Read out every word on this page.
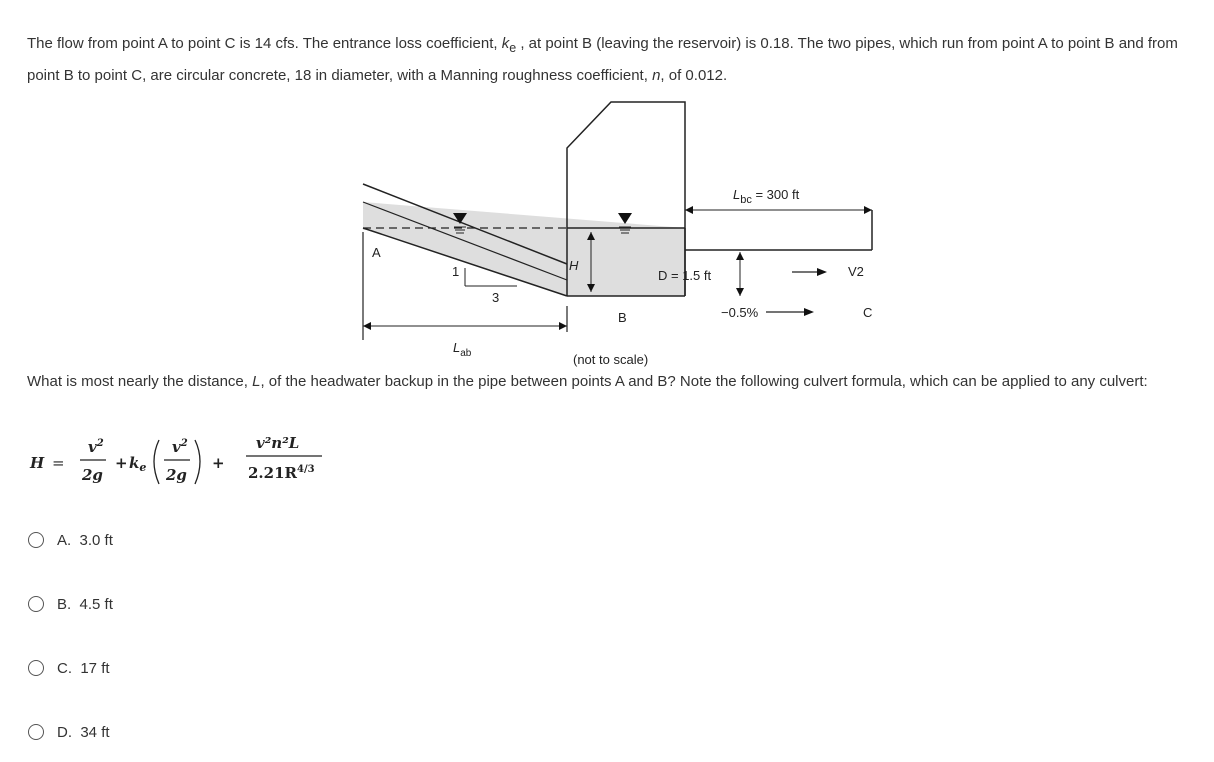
The flow from point A to point C is 14 cfs. The entrance loss coefficient, $k_e$ , at point B (leaving the reservoir) is 0.18. The two pipes, which run from point A to point B and from point B to point C, are circular concrete, 18 in diameter, with a Manning roughness coefficient, n, of 0.012.

A
1
3
H
B
$L_{bc} = 300$ ft
D = 1.5 ft	V2
−0.5%	C
$L_{ab}$	(not to scale)

What is most nearly the distance, L, of the headwater backup in the pipe between points A and B? Note the following culvert formula, which can be applied to any culvert:

H =
$v^2$
2g
+ $k_e$
$v^2$
2g
+
v²n²L
$2.21R^{4/3}$
A. 3.0 ft
B. 4.5 ft
C. 17 ft
D. 34 ft
